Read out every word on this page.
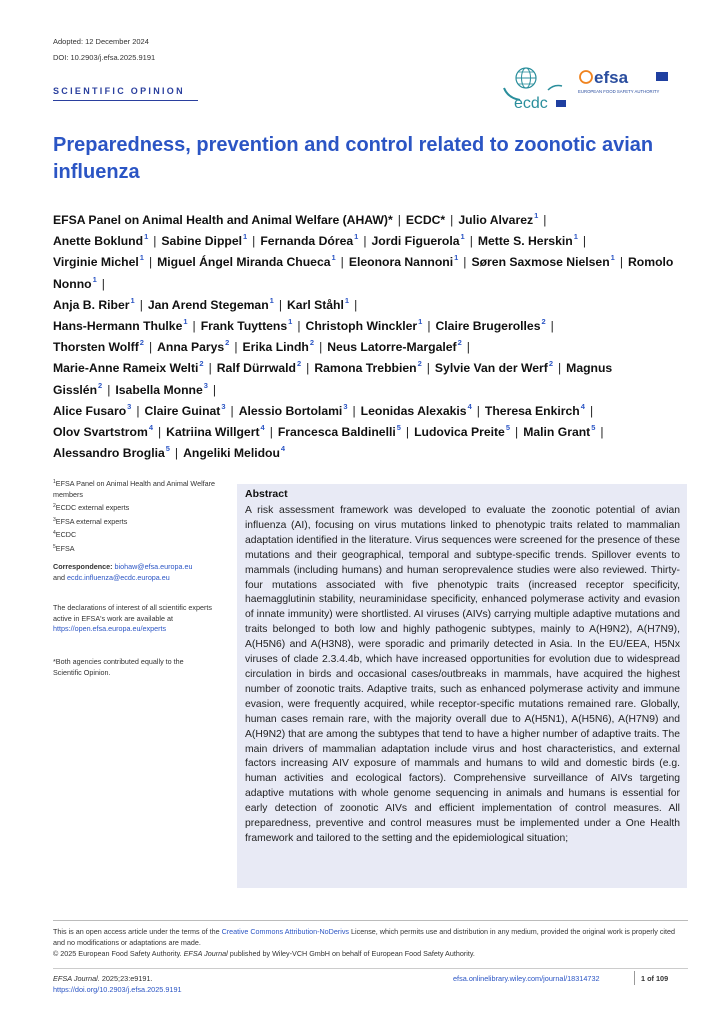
Adopted: 12 December 2024
DOI: 10.2903/j.efsa.2025.9191
SCIENTIFIC OPINION
ecdc
efsa
EUROPEAN FOOD SAFETY AUTHORITY
Preparedness, prevention and control related to zoonotic avian influenza
EFSA Panel on Animal Health and Animal Welfare (AHAW)* | ECDC* | Julio Alvarez$^1$ |
Anette Boklund$^1$ | Sabine Dippel$^1$ | Fernanda Dórea$^1$ | Jordi Figuerola$^1$ | Mette S. Herskin$^1$ |
Virginie Michel$^1$ | Miguel Ángel Miranda Chueca$^1$ | Eleonora Nannoni$^1$ | Søren Saxmose Nielsen$^1$ | Romolo Nonno$^1$ |
Anja B. Riber$^1$ | Jan Arend Stegeman$^1$ | Karl Ståhl$^1$ |
Hans-Hermann Thulke$^1$ | Frank Tuyttens$^1$ | Christoph Winckler$^1$ | Claire Brugerolles$^2$ |
Thorsten Wolff$^2$ | Anna Parys$^2$ | Erika Lindh$^2$ | Neus Latorre-Margalef$^2$ |
Marie-Anne Rameix Welti$^2$ | Ralf Dürrwald$^2$ | Ramona Trebbien$^2$ | Sylvie Van der Werf$^2$ | Magnus Gisslén$^2$ | Isabella Monne$^3$ |
Alice Fusaro$^3$ | Claire Guinat$^3$ | Alessio Bortolami$^3$ | Leonidas Alexakis$^4$ | Theresa Enkirch$^4$ |
Olov Svartstrom$^4$ | Katriina Willgert$^4$ | Francesca Baldinelli$^5$ | Ludovica Preite$^5$ | Malin Grant$^5$ |
Alessandro Broglia$^5$ | Angeliki Melidou$^4$
$^1$EFSA Panel on Animal Health and Animal Welfare members
$^2$ECDC external experts
$^3$EFSA external experts
$^4$ECDC
$^5$EFSA
Correspondence: biohaw@efsa.europa.eu
and ecdc.influenza@ecdc.europa.eu
The declarations of interest of all scientific experts active in EFSA's work are available at https://open.efsa.europa.eu/experts
*Both agencies contributed equally to the Scientific Opinion.
Abstract
A risk assessment framework was developed to evaluate the zoonotic potential of avian influenza (AI), focusing on virus mutations linked to phenotypic traits related to mammalian adaptation identified in the literature. Virus sequences were screened for the presence of these mutations and their geographical, temporal and subtype-specific trends. Spillover events to mammals (including humans) and human seroprevalence studies were also reviewed. Thirty-four mutations associated with five phenotypic traits (increased receptor specificity, haemagglutinin stability, neuraminidase specificity, enhanced polymerase activity and evasion of innate immunity) were shortlisted. AI viruses (AIVs) carrying multiple adaptive mutations and traits belonged to both low and highly pathogenic subtypes, mainly to A(H9N2), A(H7N9), A(H5N6) and A(H3N8), were sporadic and primarily detected in Asia. In the EU/EEA, H5Nx viruses of clade 2.3.4.4b, which have increased opportunities for evolution due to widespread circulation in birds and occasional cases/outbreaks in mammals, have acquired the highest number of zoonotic traits. Adaptive traits, such as enhanced polymerase activity and immune evasion, were frequently acquired, while receptor-specific mutations remained rare. Globally, human cases remain rare, with the majority overall due to A(H5N1), A(H5N6), A(H7N9) and A(H9N2) that are among the subtypes that tend to have a higher number of adaptive traits. The main drivers of mammalian adaptation include virus and host characteristics, and external factors increasing AIV exposure of mammals and humans to wild and domestic birds (e.g. human activities and ecological factors). Comprehensive surveillance of AIVs targeting adaptive mutations with whole genome sequencing in animals and humans is essential for early detection of zoonotic AIVs and efficient implementation of control measures. All preparedness, preventive and control measures must be implemented under a One Health framework and tailored to the setting and the epidemiological situation;
This is an open access article under the terms of the Creative Commons Attribution-NoDerivs License, which permits use and distribution in any medium, provided the original work is properly cited and no modifications or adaptations are made.
© 2025 European Food Safety Authority. EFSA Journal published by Wiley-VCH GmbH on behalf of European Food Safety Authority.
EFSA Journal. 2025;23:e9191.
https://doi.org/10.2903/j.efsa.2025.9191
efsa.onlinelibrary.wiley.com/journal/18314732	1 of 109
